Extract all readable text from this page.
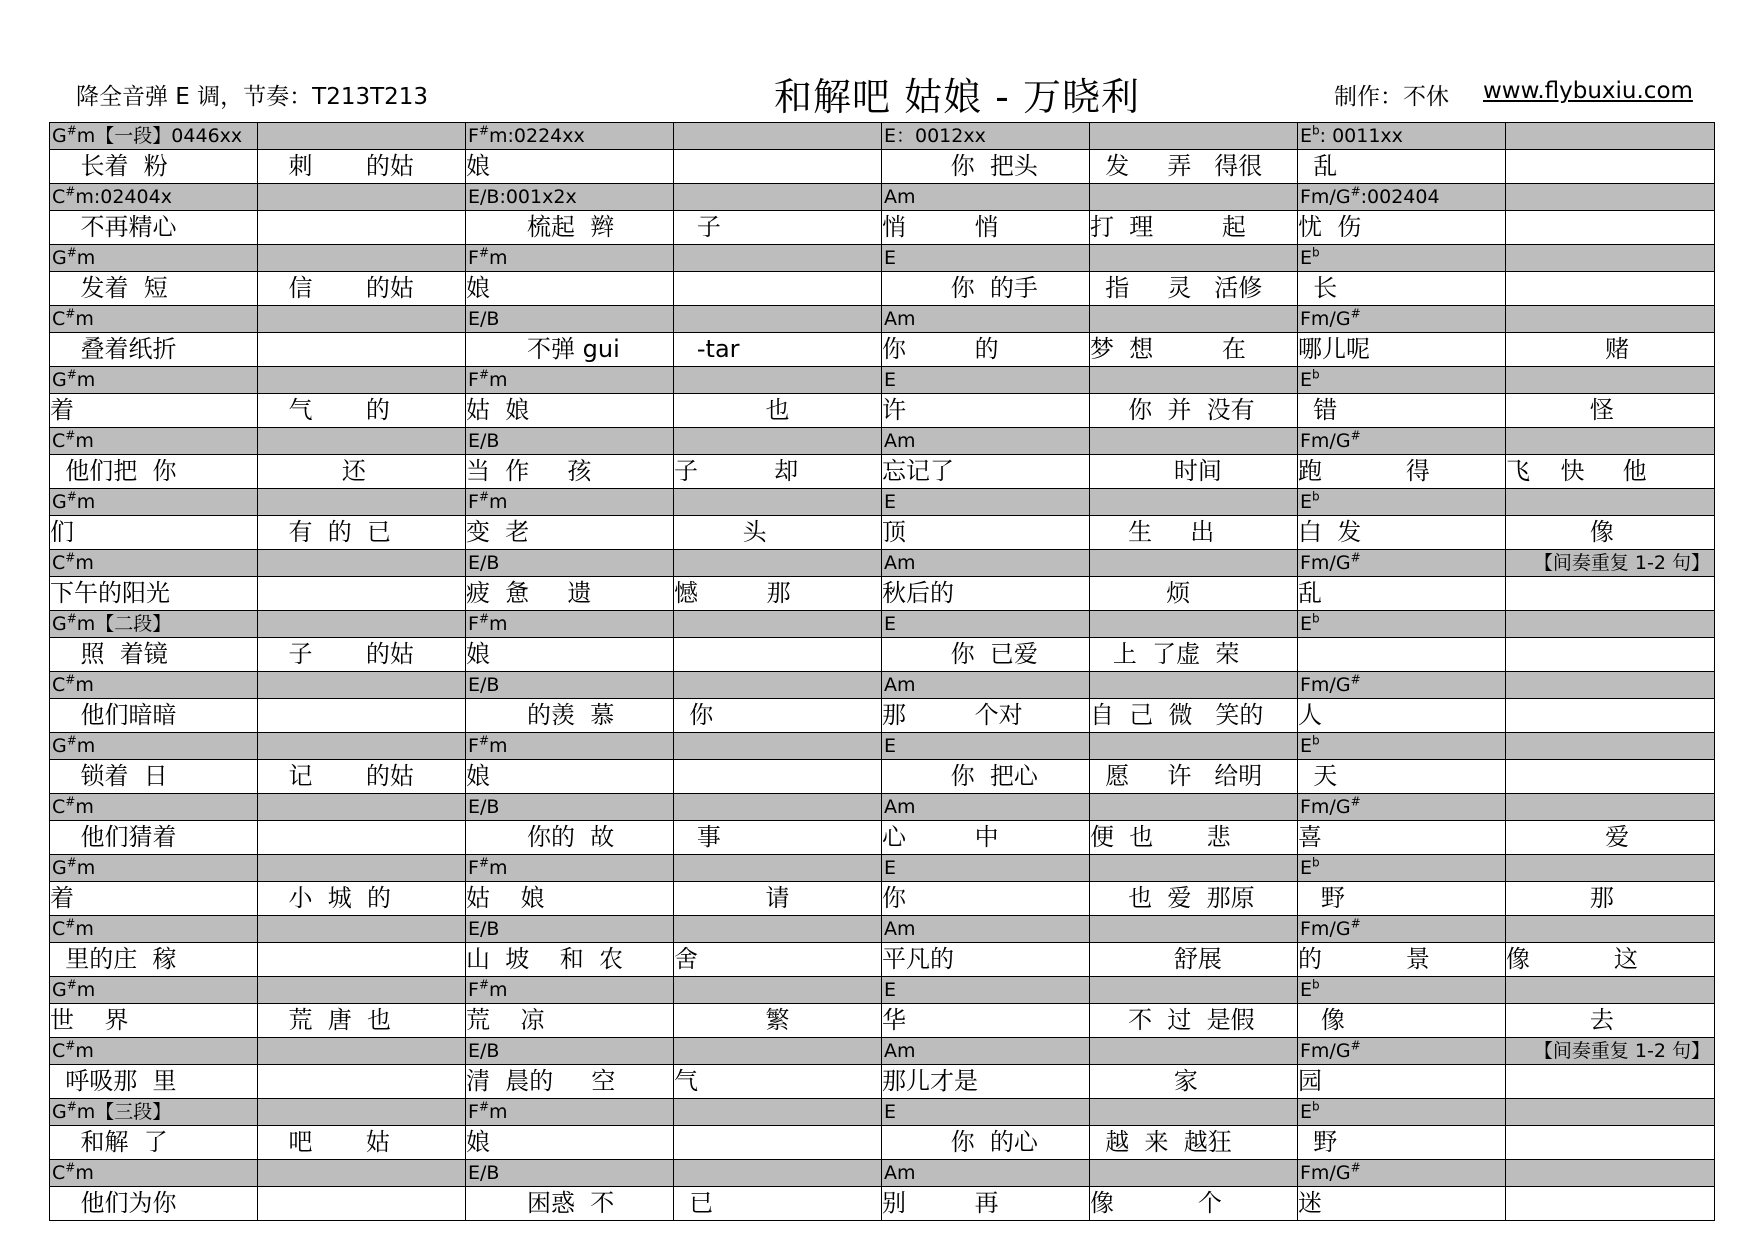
降全音弹 E 调，节奏：T213T213	和解吧 姑娘 - 万晓利	制作：不休 www.flybuxiu.com
G#m【一段】0446xx		F#m:0224xx		E：0012xx		$E^b$: 0011xx	

长着  粉	刺       的姑	娘		你  把头	发     弄   得很	乱	

C#m:02404x		E/B:001x2x		Am		Fm/G#:002404	

不再精心		梳起  辫	子	悄         悄	打  理         起	忧  伤	

G#m		F#m		E		$E^b$	

发着  短	信       的姑	娘		你  的手	指     灵   活修	长	

C#m		E/B		Am		Fm/G#	

叠着纸折		不弹 gui	-tar	你         的	梦  想         在	哪儿呢	赌

G#m		F#m		E		$E^b$	

着	气       的	姑  娘	也	许	你  并  没有	错	怪

C#m		E/B		Am		Fm/G#	

他们把  你	还	当  作     孩	子          却	忘记了	时间	跑           得	飞    快     他

G#m		F#m		E		$E^b$	

们	有  的  已	变  老	头	顶	生     出	白  发	像

C#m		E/B		Am		Fm/G#	【间奏重复 1-2 句】

下午的阳光		疲  惫     遗	憾         那	秋后的	烦	乱	

G#m【二段】		F#m		E		$E^b$	

照  着镜	子       的姑	娘		你  已爱	上  了虚  荣		

C#m		E/B		Am		Fm/G#	

他们暗暗		的羡  慕	你	那         个对	自  己  微   笑的	人	

G#m		F#m		E		$E^b$	

锁着  日	记       的姑	娘		你  把心	愿     许   给明	天	

C#m		E/B		Am		Fm/G#	

他们猜着		你的  故	事	心         中	便  也       悲	喜	爱

G#m		F#m		E		$E^b$	

着	小  城  的	姑    娘	请	你	也  爱  那原	野	那

C#m		E/B		Am		Fm/G#	

里的庄  稼		山  坡    和  农	舍	平凡的	舒展	的           景	像           这

G#m		F#m		E		$E^b$	

世    界	荒  唐  也	荒    凉	繁	华	不  过  是假	像	去

C#m		E/B		Am		Fm/G#	【间奏重复 1-2 句】

呼吸那  里		清  晨的     空	气	那儿才是	家	园	

G#m【三段】		F#m		E		$E^b$	

和解  了	吧       姑	娘		你  的心	越  来  越狂	野	

C#m		E/B		Am		Fm/G#	

他们为你		困惑  不	已	别         再	像           个	迷	
